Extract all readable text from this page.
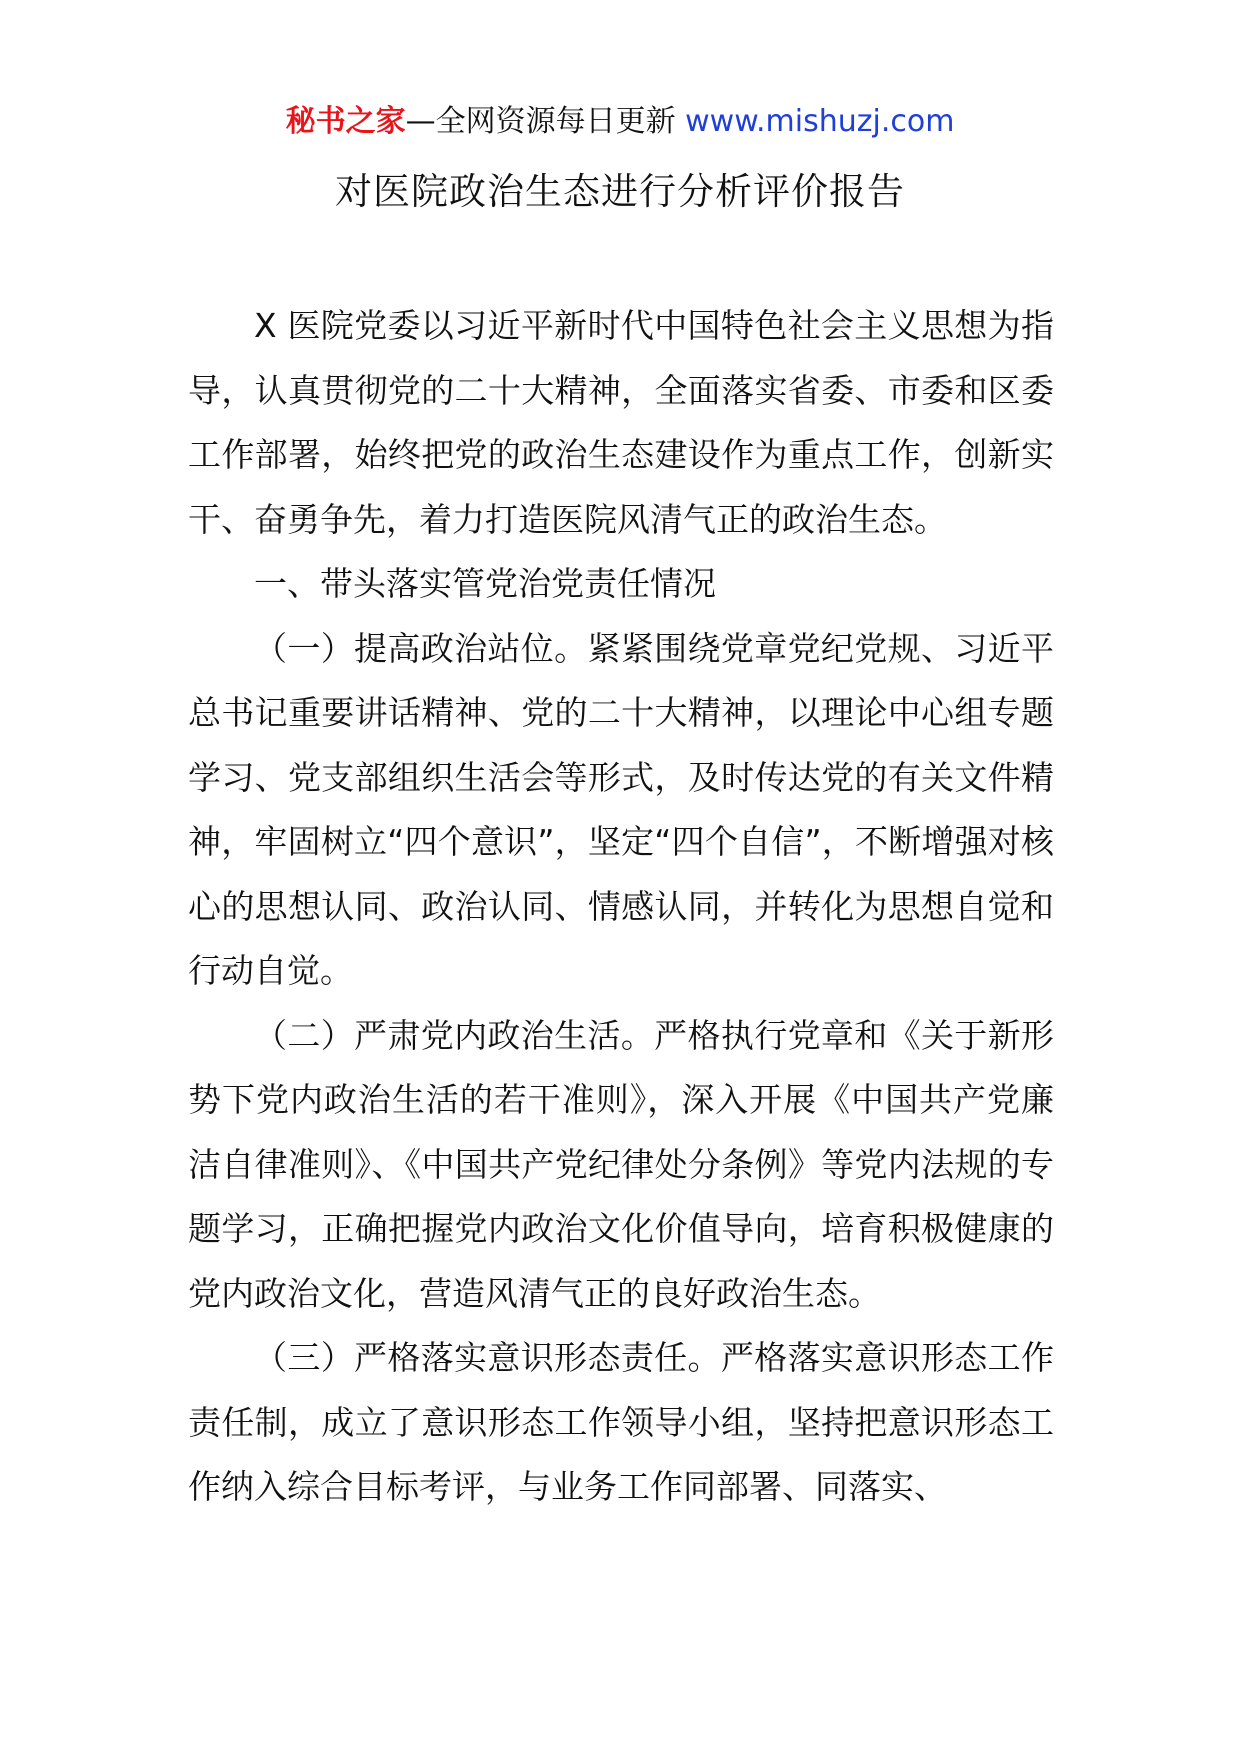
秘书之家—全网资源每日更新 www.mishuzj.com
对医院政治生态进行分析评价报告

X 医院党委以习近平新时代中国特色社会主义思想为指导，认真贯彻党的二十大精神，全面落实省委、市委和区委工作部署，始终把党的政治生态建设作为重点工作，创新实干、奋勇争先，着力打造医院风清气正的政治生态。

一、带头落实管党治党责任情况

（一）提高政治站位。紧紧围绕党章党纪党规、习近平总书记重要讲话精神、党的二十大精神，以理论中心组专题学习、党支部组织生活会等形式，及时传达党的有关文件精神，牢固树立“四个意识”，坚定“四个自信”，不断增强对核心的思想认同、政治认同、情感认同，并转化为思想自觉和行动自觉。

（二）严肃党内政治生活。严格执行党章和《关于新形势下党内政治生活的若干准则》，深入开展《中国共产党廉洁自律准则》、《中国共产党纪律处分条例》等党内法规的专题学习，正确把握党内政治文化价值导向，培育积极健康的党内政治文化，营造风清气正的良好政治生态。

（三）严格落实意识形态责任。严格落实意识形态工作责任制，成立了意识形态工作领导小组，坚持把意识形态工作纳入综合目标考评，与业务工作同部署、同落实、
